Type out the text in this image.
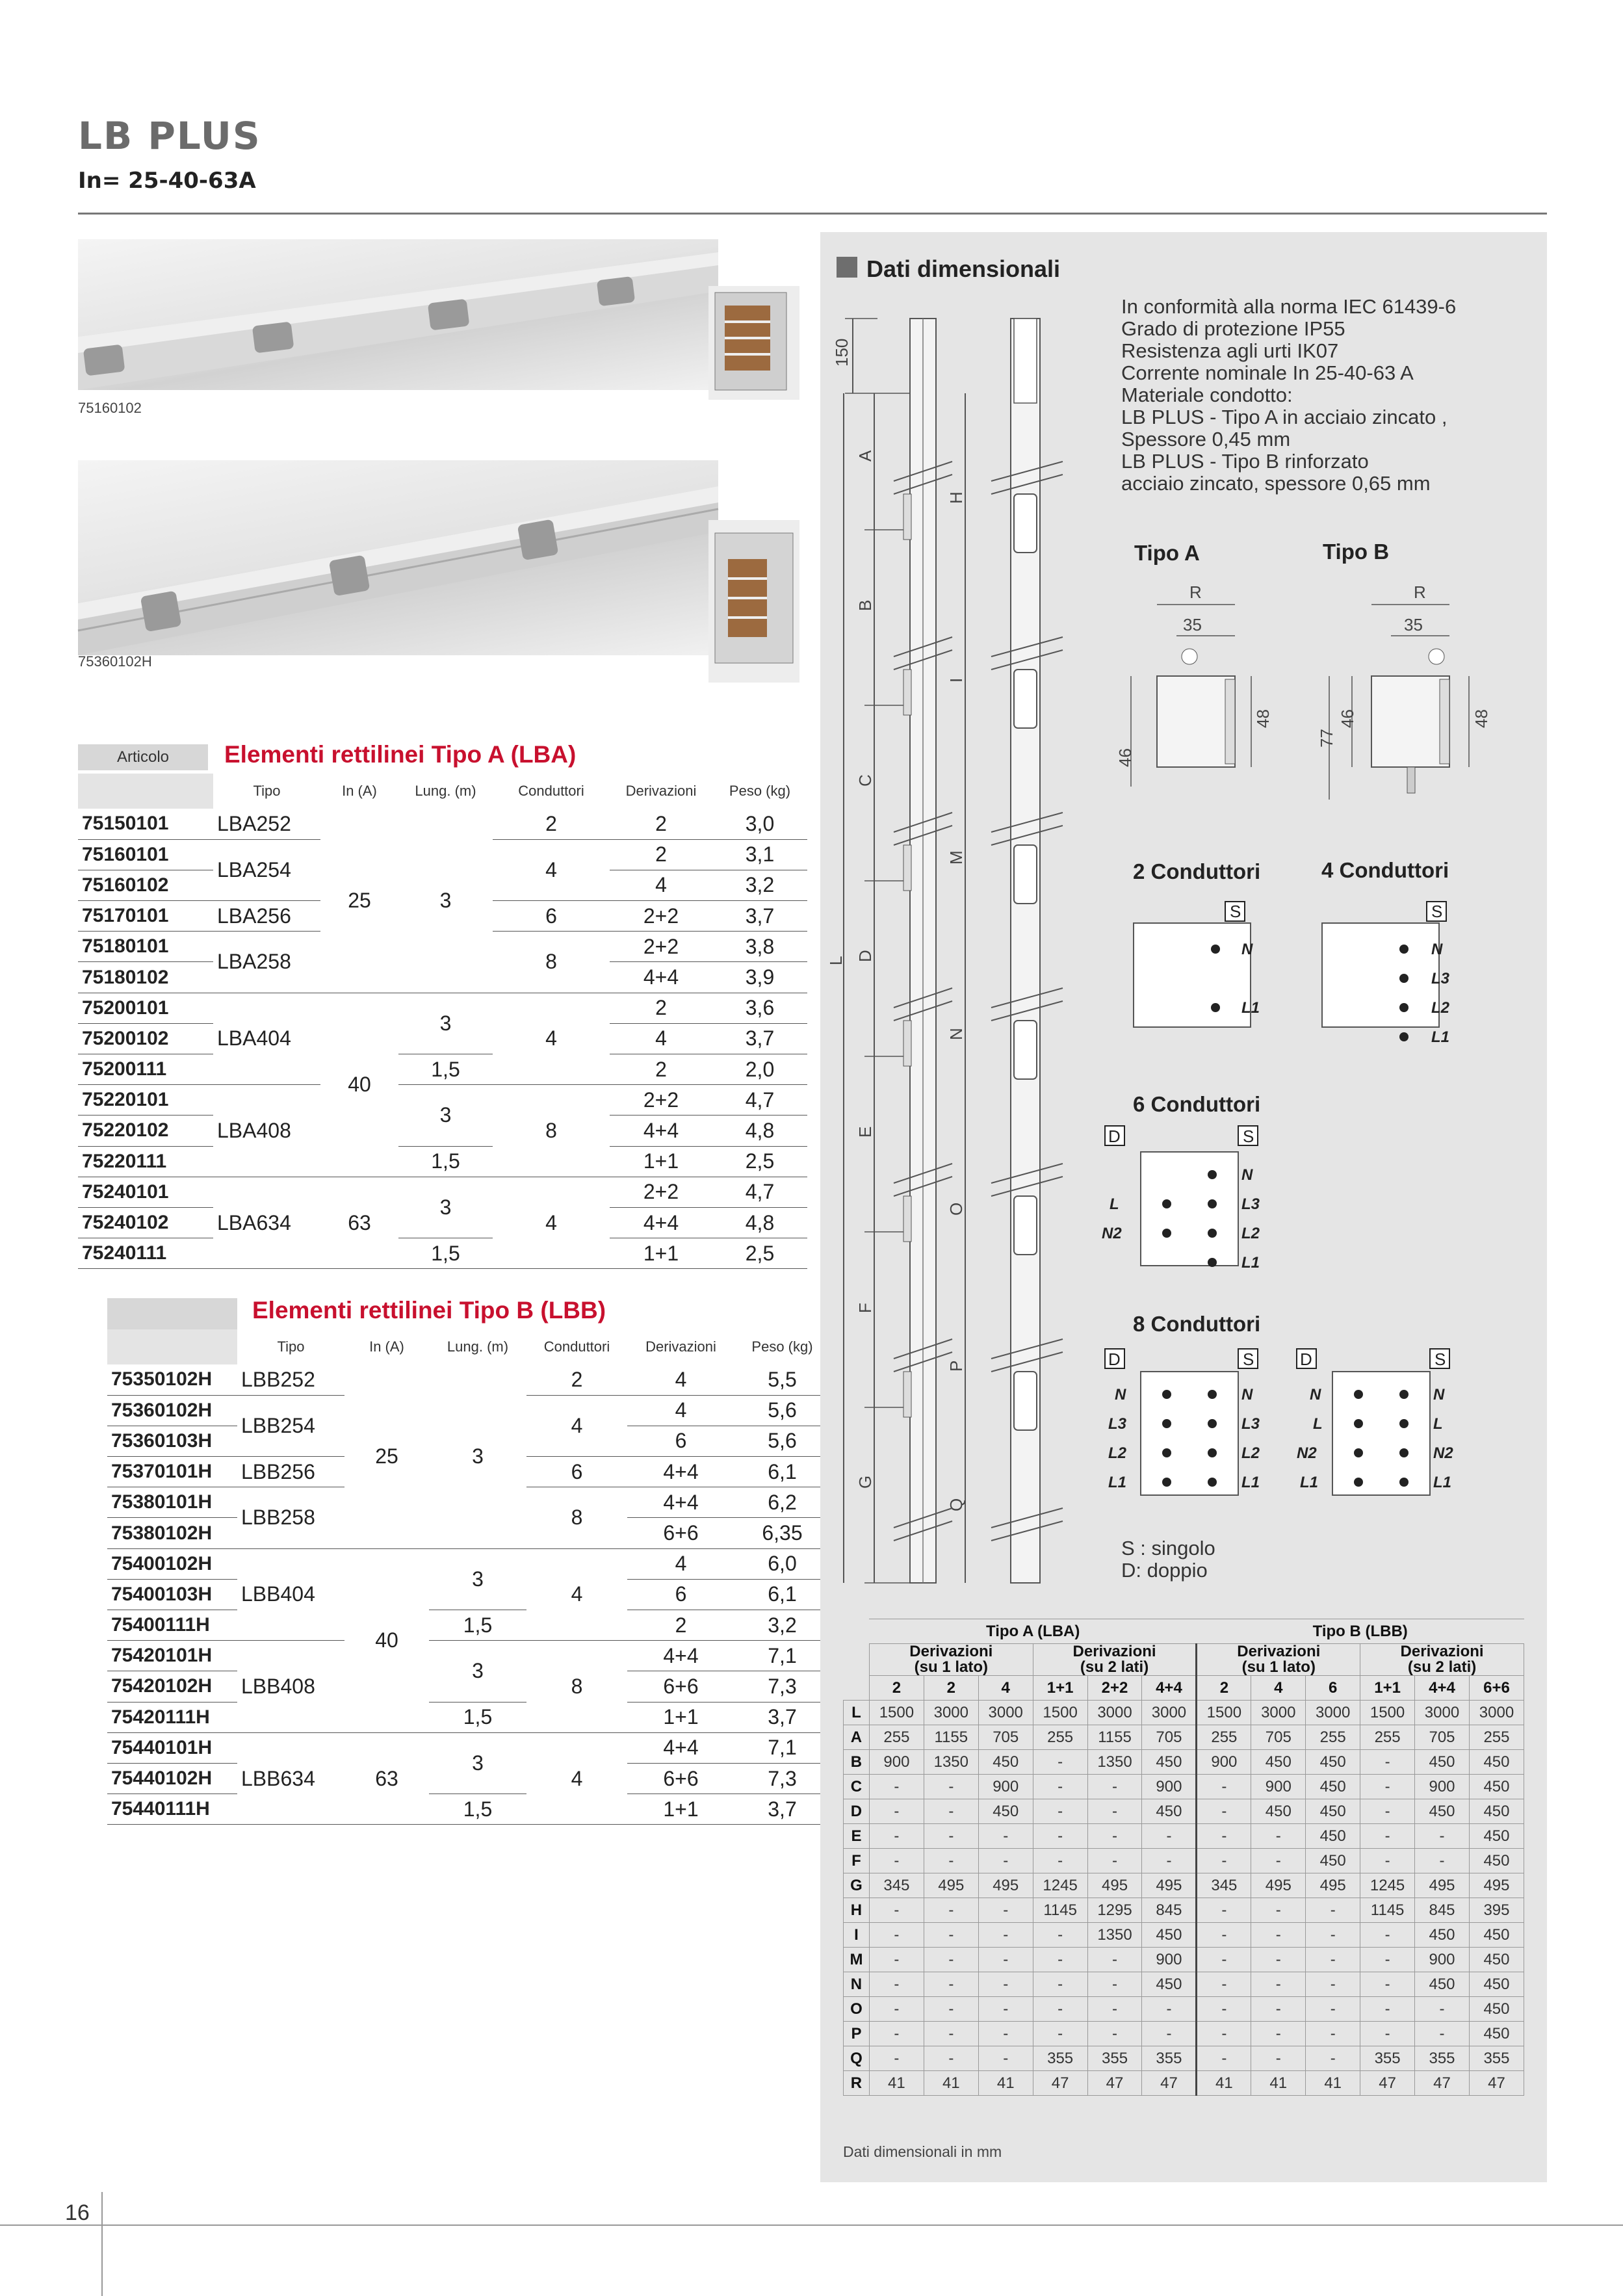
LB PLUS
In= 25-40-63A
75160102
75360102H
Articolo	Elementi rettilinei Tipo A (LBA)
	Tipo	In (A)	Lung. (m)	Conduttori	Derivazioni	Peso (kg)
75150101	LBA252	25	3	2	2	3,0
75160101	LBA254			4	2	3,1
75160102					4	3,2
75170101	LBA256			6	2+2	3,7
75180101	LBA258			8	2+2	3,8
75180102					4+4	3,9
75200101	LBA404	40	3	4	2	3,6
75200102					4	3,7
75200111			1,5		2	2,0
75220101	LBA408		3	8	2+2	4,7
75220102					4+4	4,8
75220111			1,5		1+1	2,5
75240101	LBA634	63	3	4	2+2	4,7
75240102					4+4	4,8
75240111			1,5		1+1	2,5
Elementi rettilinei Tipo B (LBB)
	Tipo	In (A)	Lung. (m)	Conduttori	Derivazioni	Peso (kg)
75350102H	LBB252	25	3	2	4	5,5
75360102H	LBB254			4	4	5,6
75360103H					6	5,6
75370101H	LBB256			6	4+4	6,1
75380101H	LBB258			8	4+4	6,2
75380102H					6+6	6,35
75400102H	LBB404	40	3	4	4	6,0
75400103H					6	6,1
75400111H			1,5		2	3,2
75420101H	LBB408		3	8	4+4	7,1
75420102H					6+6	7,3
75420111H			1,5		1+1	3,7
75440101H	LBB634	63	3	4	4+4	7,1
75440102H					6+6	7,3
75440111H			1,5		1+1	3,7
Dati dimensionali
In conformità alla norma IEC 61439-6
Grado di protezione IP55
Resistenza agli urti IK07
Corrente nominale In 25-40-63 A
Materiale condotto:
LB PLUS - Tipo A in acciaio zincato ,
Spessore 0,45 mm
LB PLUS - Tipo B rinforzato
acciaio zincato, spessore 0,65 mm
150
L
A
B
C
D
E
F
G
H
I
M
N
O
P
Q
Tipo A	Tipo B
R
35
46
48
R
35
77
46	48
2 Conduttori	4 Conduttori
S
N
L1
S
N
L3
L2
L1
6 Conduttori
D	S
N
L3
L2
L1
L
N2
8 Conduttori
D	S
N
L3
L2
L1
N
L3
L2
L1
D	S
N
L
N2
L1
N
L
N2
L1
S : singolo
D: doppio
	Tipo A (LBA)						Tipo B (LBB)					
	Derivazioni
(su 1 lato)			Derivazioni
(su 2 lati)			Derivazioni
(su 1 lato)			Derivazioni
(su 2 lati)		
	2	2	4	1+1	2+2	4+4	2	4	6	1+1	4+4	6+6
L	1500	3000	3000	1500	3000	3000	1500	3000	3000	1500	3000	3000
A	255	1155	705	255	1155	705	255	705	255	255	705	255
B	900	1350	450	-	1350	450	900	450	450	-	450	450
C	-	-	900	-	-	900	-	900	450	-	900	450
D	-	-	450	-	-	450	-	450	450	-	450	450
E	-	-	-	-	-	-	-	-	450	-	-	450
F	-	-	-	-	-	-	-	-	450	-	-	450
G	345	495	495	1245	495	495	345	495	495	1245	495	495
H	-	-	-	1145	1295	845	-	-	-	1145	845	395
I	-	-	-	-	1350	450	-	-	-	-	450	450
M	-	-	-	-	-	900	-	-	-	-	900	450
N	-	-	-	-	-	450	-	-	-	-	450	450
O	-	-	-	-	-	-	-	-	-	-	-	450
P	-	-	-	-	-	-	-	-	-	-	-	450
Q	-	-	-	355	355	355	-	-	-	355	355	355
R	41	41	41	47	47	47	41	41	41	47	47	47
Dati dimensionali in mm
16
